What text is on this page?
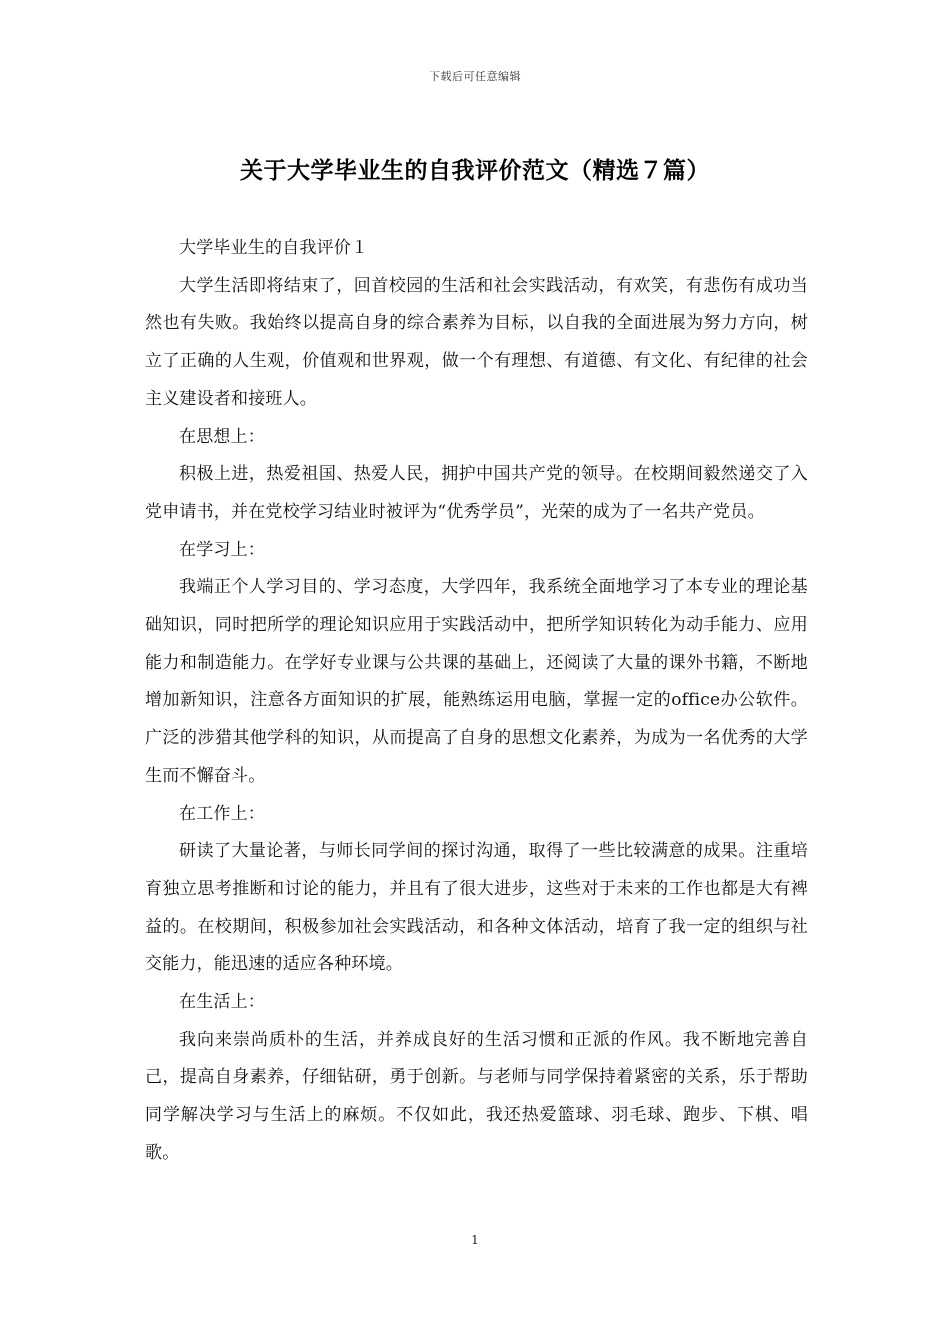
下载后可任意编辑
关于大学毕业生的自我评价范文（精选７篇）

大学毕业生的自我评价１

大学生活即将结束了，回首校园的生活和社会实践活动，有欢笑，有悲伤有成功当然也有失败。我始终以提高自身的综合素养为目标，以自我的全面进展为努力方向，树立了正确的人生观，价值观和世界观，做一个有理想、有道德、有文化、有纪律的社会主义建设者和接班人。

在思想上：

积极上进，热爱祖国、热爱人民，拥护中国共产党的领导。在校期间毅然递交了入党申请书，并在党校学习结业时被评为“优秀学员”，光荣的成为了一名共产党员。

在学习上：

我端正个人学习目的、学习态度，大学四年，我系统全面地学习了本专业的理论基础知识，同时把所学的理论知识应用于实践活动中，把所学知识转化为动手能力、应用能力和制造能力。在学好专业课与公共课的基础上，还阅读了大量的课外书籍，不断地增加新知识，注意各方面知识的扩展，能熟练运用电脑，掌握一定的office办公软件。广泛的涉猎其他学科的知识，从而提高了自身的思想文化素养，为成为一名优秀的大学生而不懈奋斗。

在工作上：

研读了大量论著，与师长同学间的探讨沟通，取得了一些比较满意的成果。注重培育独立思考推断和讨论的能力，并且有了很大进步，这些对于未来的工作也都是大有裨益的。在校期间，积极参加社会实践活动，和各种文体活动，培育了我一定的组织与社交能力，能迅速的适应各种环境。

在生活上：

我向来崇尚质朴的生活，并养成良好的生活习惯和正派的作风。我不断地完善自己，提高自身素养，仔细钻研，勇于创新。与老师与同学保持着紧密的关系，乐于帮助同学解决学习与生活上的麻烦。不仅如此，我还热爱篮球、羽毛球、跑步、下棋、唱歌。

1
